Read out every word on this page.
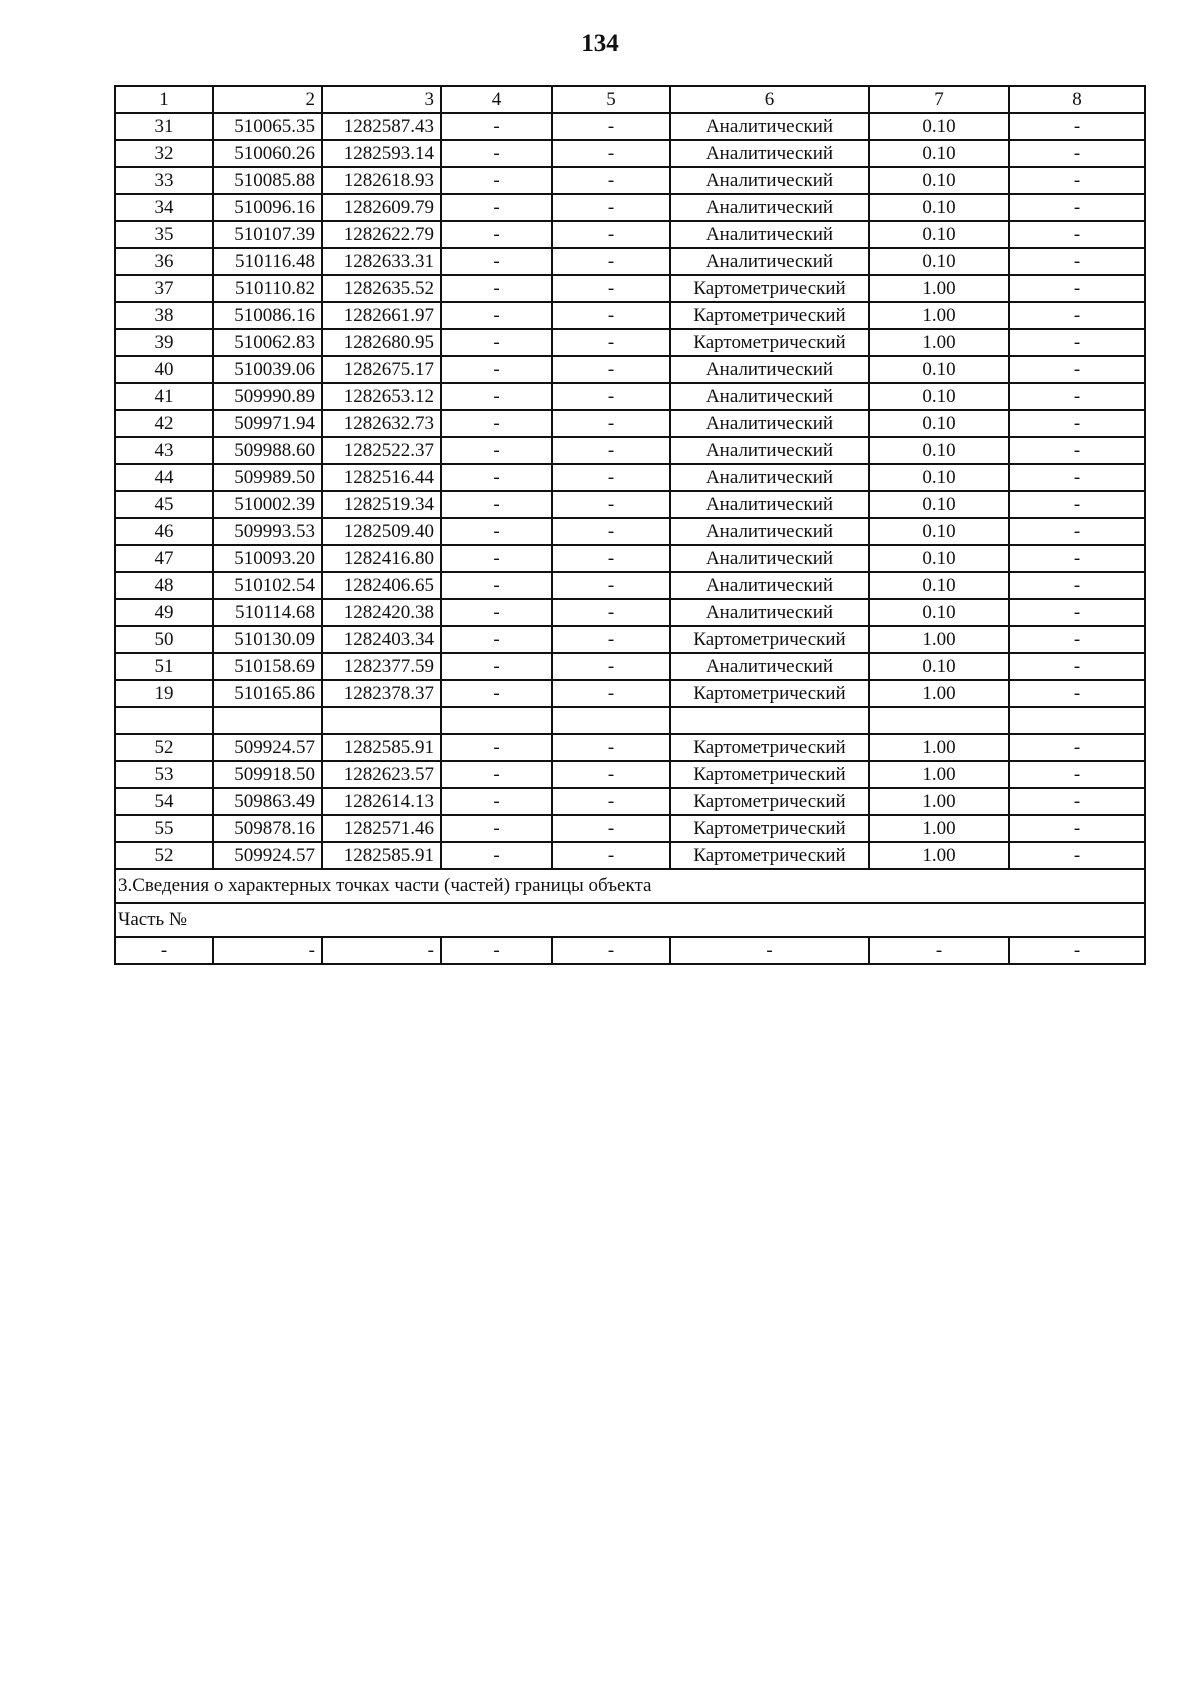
134
1	2	3	4	5	6	7	8
31	510065.35	1282587.43	-	-	Аналитический	0.10	-
32	510060.26	1282593.14	-	-	Аналитический	0.10	-
33	510085.88	1282618.93	-	-	Аналитический	0.10	-
34	510096.16	1282609.79	-	-	Аналитический	0.10	-
35	510107.39	1282622.79	-	-	Аналитический	0.10	-
36	510116.48	1282633.31	-	-	Аналитический	0.10	-
37	510110.82	1282635.52	-	-	Картометрический	1.00	-
38	510086.16	1282661.97	-	-	Картометрический	1.00	-
39	510062.83	1282680.95	-	-	Картометрический	1.00	-
40	510039.06	1282675.17	-	-	Аналитический	0.10	-
41	509990.89	1282653.12	-	-	Аналитический	0.10	-
42	509971.94	1282632.73	-	-	Аналитический	0.10	-
43	509988.60	1282522.37	-	-	Аналитический	0.10	-
44	509989.50	1282516.44	-	-	Аналитический	0.10	-
45	510002.39	1282519.34	-	-	Аналитический	0.10	-
46	509993.53	1282509.40	-	-	Аналитический	0.10	-
47	510093.20	1282416.80	-	-	Аналитический	0.10	-
48	510102.54	1282406.65	-	-	Аналитический	0.10	-
49	510114.68	1282420.38	-	-	Аналитический	0.10	-
50	510130.09	1282403.34	-	-	Картометрический	1.00	-
51	510158.69	1282377.59	-	-	Аналитический	0.10	-
19	510165.86	1282378.37	-	-	Картометрический	1.00	-

52	509924.57	1282585.91	-	-	Картометрический	1.00	-
53	509918.50	1282623.57	-	-	Картометрический	1.00	-
54	509863.49	1282614.13	-	-	Картометрический	1.00	-
55	509878.16	1282571.46	-	-	Картометрический	1.00	-
52	509924.57	1282585.91	-	-	Картометрический	1.00	-
3.Сведения о характерных точках части (частей) границы объекта							
Часть №							
-	-	-	-	-	-	-	-
